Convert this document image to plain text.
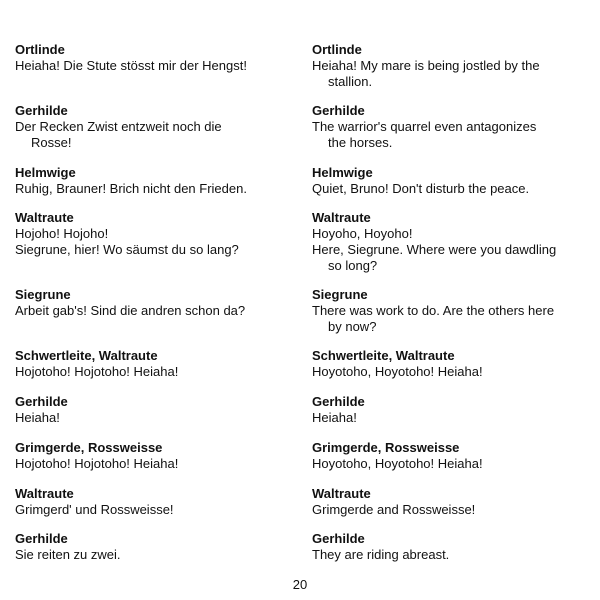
Ortlinde
Heiaha! Die Stute stösst mir der Hengst!
Gerhilde
Der Recken Zwist entzweit noch die
Rosse!
Helmwige
Ruhig, Brauner! Brich nicht den Frieden.
Waltraute
Hojoho! Hojoho!
Siegrune, hier! Wo säumst du so lang?
Siegrune
Arbeit gab's! Sind die andren schon da?
Schwertleite, Waltraute
Hojotoho! Hojotoho! Heiaha!
Gerhilde
Heiaha!
Grimgerde, Rossweisse
Hojotoho! Hojotoho! Heiaha!
Waltraute
Grimgerd' und Rossweisse!
Gerhilde
Sie reiten zu zwei.
Ortlinde
Heiaha! My mare is being jostled by the
stallion.
Gerhilde
The warrior's quarrel even antagonizes
the horses.
Helmwige
Quiet, Bruno! Don't disturb the peace.
Waltraute
Hoyoho, Hoyoho!
Here, Siegrune. Where were you dawdling
so long?
Siegrune
There was work to do. Are the others here
by now?
Schwertleite, Waltraute
Hoyotoho, Hoyotoho! Heiaha!
Gerhilde
Heiaha!
Grimgerde, Rossweisse
Hoyotoho, Hoyotoho! Heiaha!
Waltraute
Grimgerde and Rossweisse!
Gerhilde
They are riding abreast.
20
